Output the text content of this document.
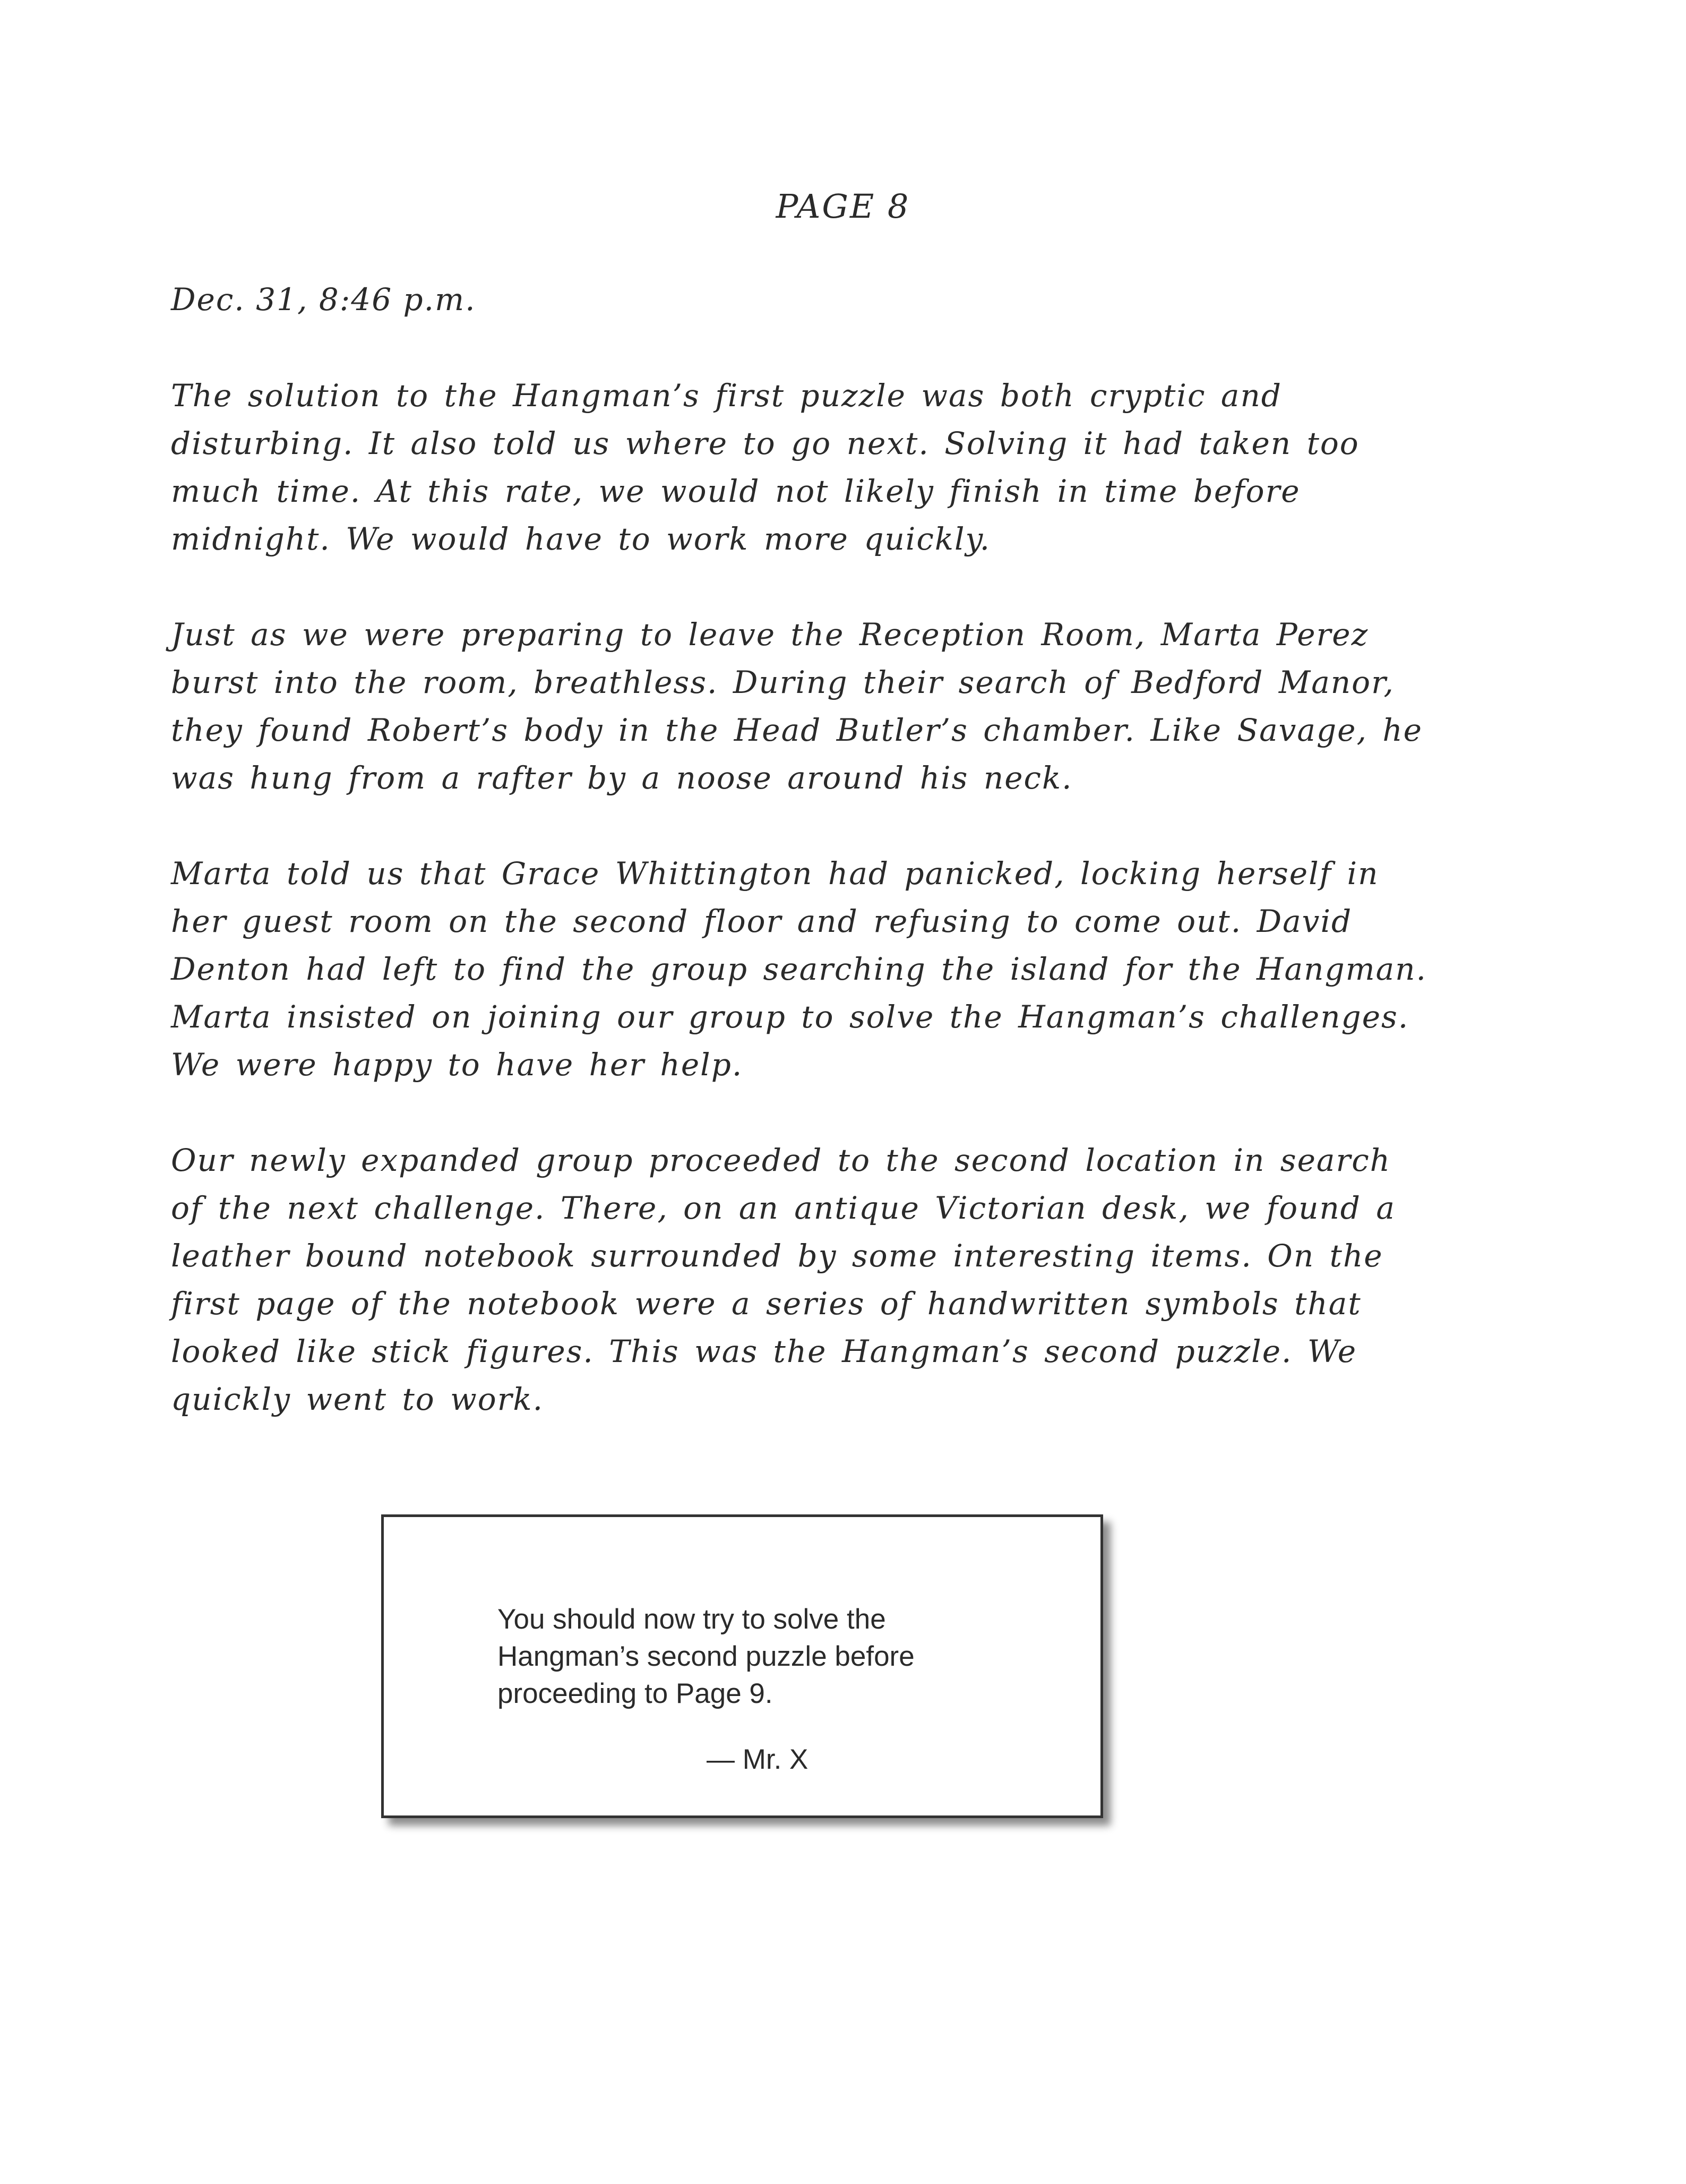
PAGE 8
Dec. 31, 8:46 p.m.

The solution to the Hangman’s first puzzle was both cryptic and
disturbing. It also told us where to go next. Solving it had taken too
much time. At this rate, we would not likely finish in time before
midnight. We would have to work more quickly.

Just as we were preparing to leave the Reception Room, Marta Perez
burst into the room, breathless. During their search of Bedford Manor,
they found Robert’s body in the Head Butler’s chamber. Like Savage, he
was hung from a rafter by a noose around his neck.

Marta told us that Grace Whittington had panicked, locking herself in
her guest room on the second floor and refusing to come out. David
Denton had left to find the group searching the island for the Hangman.
Marta insisted on joining our group to solve the Hangman’s challenges.
We were happy to have her help.

Our newly expanded group proceeded to the second location in search
of the next challenge. There, on an antique Victorian desk, we found a
leather bound notebook surrounded by some interesting items. On the
first page of the notebook were a series of handwritten symbols that
looked like stick figures. This was the Hangman’s second puzzle. We
quickly went to work.

You should now try to solve the
Hangman’s second puzzle before
proceeding to Page 9.
— Mr. X
